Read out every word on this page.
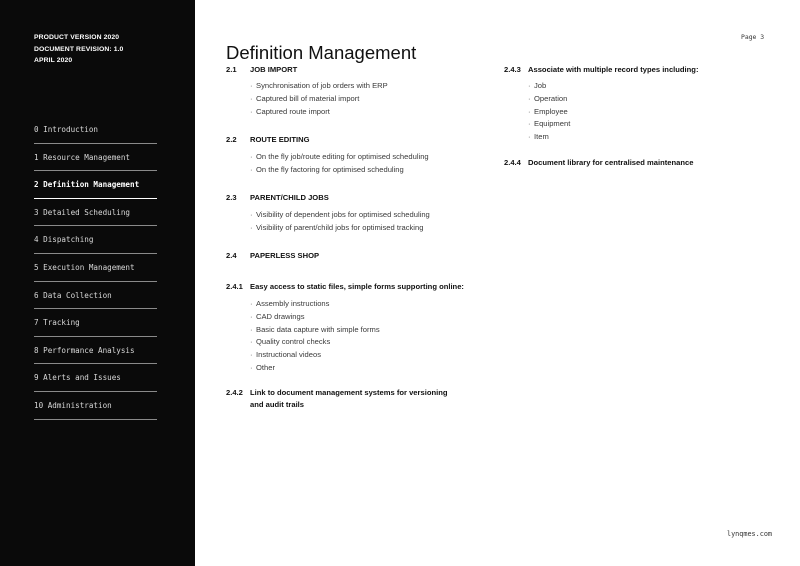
PRODUCT VERSION 2020
DOCUMENT REVISION: 1.0
APRIL 2020
0 Introduction
1 Resource Management
2 Definition Management
3 Detailed Scheduling
4 Dispatching
5 Execution Management
6 Data Collection
7 Tracking
8 Performance Analysis
9 Alerts and Issues
10 Administration
Definition Management
Page 3
2.1 JOB IMPORT
· Synchronisation of job orders with ERP
· Captured bill of material import
· Captured route import
2.2 ROUTE EDITING
· On the fly job/route editing for optimised scheduling
· On the fly factoring for optimised scheduling
2.3 PARENT/CHILD JOBS
· Visibility of dependent jobs for optimised scheduling
· Visibility of parent/child jobs for optimised tracking
2.4 PAPERLESS SHOP
2.4.1 Easy access to static files, simple forms supporting online:
· Assembly instructions
· CAD drawings
· Basic data capture with simple forms
· Quality control checks
· Instructional videos
· Other
2.4.2 Link to document management systems for versioning
and audit trails
2.4.3 Associate with multiple record types including:
· Job
· Operation
· Employee
· Equipment
· Item
2.4.4 Document library for centralised maintenance
lynqmes.com
